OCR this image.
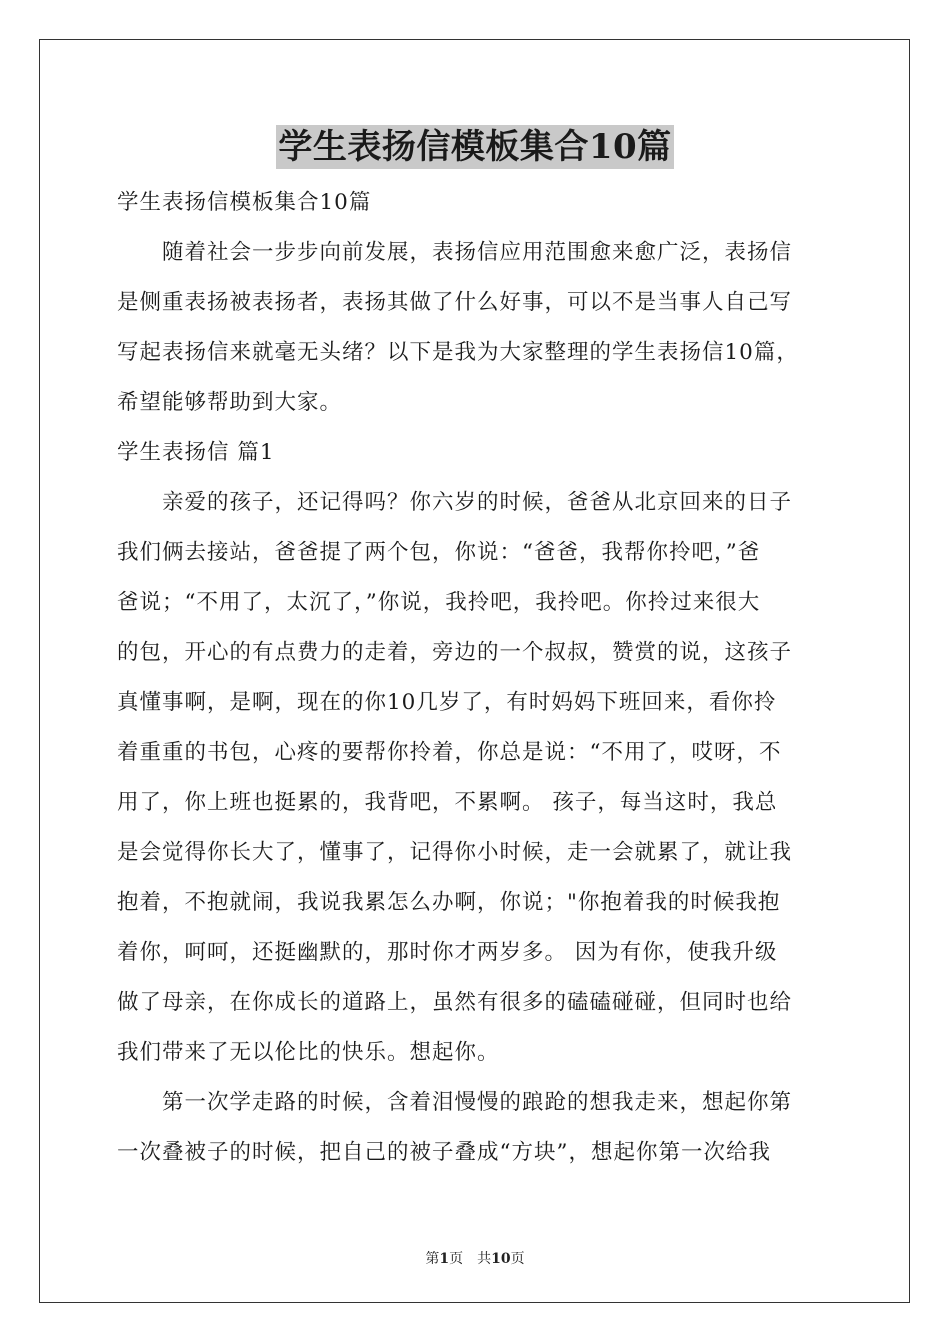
学生表扬信模板集合10篇
学生表扬信模板集合10篇
　　随着社会一步步向前发展，表扬信应用范围愈来愈广泛，表扬信
是侧重表扬被表扬者，表扬其做了什么好事，可以不是当事人自己写
写起表扬信来就毫无头绪？以下是我为大家整理的学生表扬信10篇，
希望能够帮助到大家。
学生表扬信 篇1
　　亲爱的孩子，还记得吗？你六岁的时候，爸爸从北京回来的日子
我们俩去接站，爸爸提了两个包，你说：“爸爸，我帮你拎吧，”爸
爸说；“不用了，太沉了，”你说，我拎吧，我拎吧。你拎过来很大
的包，开心的有点费力的走着，旁边的一个叔叔，赞赏的说，这孩子
真懂事啊，是啊，现在的你10几岁了，有时妈妈下班回来，看你拎
着重重的书包，心疼的要帮你拎着，你总是说：“不用了，哎呀，不
用了，你上班也挺累的，我背吧，不累啊。 孩子，每当这时，我总
是会觉得你长大了，懂事了，记得你小时候，走一会就累了，就让我
抱着，不抱就闹，我说我累怎么办啊，你说；"你抱着我的时候我抱
着你，呵呵，还挺幽默的，那时你才两岁多。 因为有你，使我升级
做了母亲，在你成长的道路上，虽然有很多的磕磕碰碰，但同时也给
我们带来了无以伦比的快乐。想起你。
　　第一次学走路的时候，含着泪慢慢的踉跄的想我走来，想起你第
一次叠被子的时候，把自己的被子叠成“方块”，想起你第一次给我
第1页　共10页
